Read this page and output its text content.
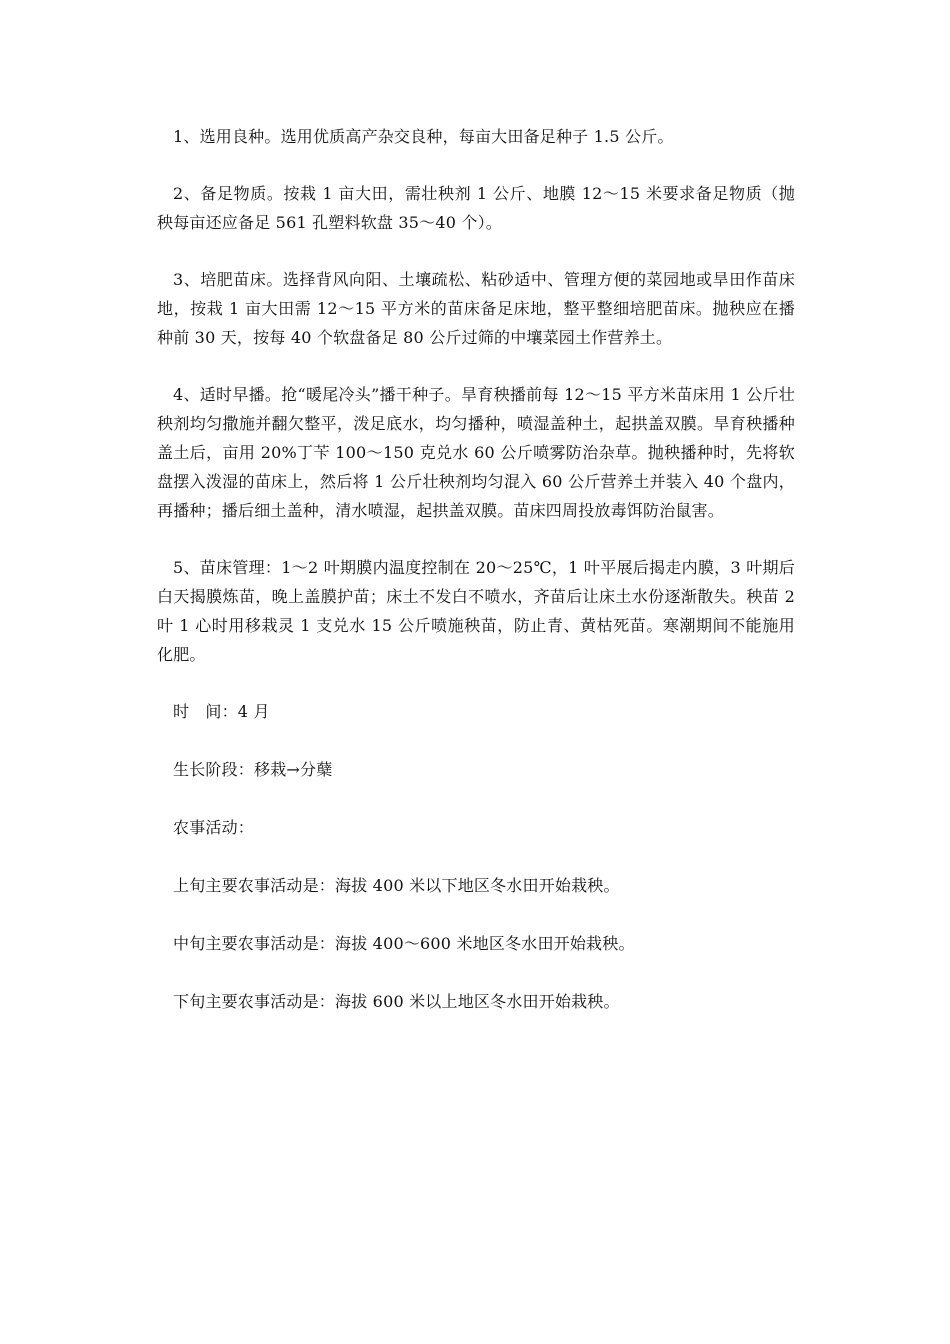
1、选用良种。选用优质高产杂交良种，每亩大田备足种子 1.5 公斤。

2、备足物质。按栽 1 亩大田，需壮秧剂 1 公斤、地膜 12～15 米要求备足物质（抛秧每亩还应备足 561 孔塑料软盘 35～40 个）。

3、培肥苗床。选择背风向阳、土壤疏松、粘砂适中、管理方便的菜园地或旱田作苗床地，按栽 1 亩大田需 12～15 平方米的苗床备足床地，整平整细培肥苗床。抛秧应在播种前 30 天，按每 40 个软盘备足 80 公斤过筛的中壤菜园土作营养土。

4、适时早播。抢“暖尾冷头”播干种子。旱育秧播前每 12～15 平方米苗床用 1 公斤壮秧剂均匀撒施并翻欠整平，泼足底水，均匀播种，喷湿盖种土，起拱盖双膜。旱育秧播种盖土后，亩用 20%丁苄 100～150 克兑水 60 公斤喷雾防治杂草。抛秧播种时，先将软盘摆入泼湿的苗床上，然后将 1 公斤壮秧剂均匀混入 60 公斤营养土并装入 40 个盘内，再播种；播后细土盖种，清水喷湿，起拱盖双膜。苗床四周投放毒饵防治鼠害。

5、苗床管理：1～2 叶期膜内温度控制在 20～25℃，1 叶平展后揭走内膜，3 叶期后白天揭膜炼苗，晚上盖膜护苗；床土不发白不喷水，齐苗后让床土水份逐渐散失。秧苗 2 叶 1 心时用移栽灵 1 支兑水 15 公斤喷施秧苗，防止青、黄枯死苗。寒潮期间不能施用化肥。

时　间：4 月

生长阶段：移栽→分蘖

农事活动：

上旬主要农事活动是：海拔 400 米以下地区冬水田开始栽秧。

中旬主要农事活动是：海拔 400～600 米地区冬水田开始栽秧。

下旬主要农事活动是：海拔 600 米以上地区冬水田开始栽秧。
